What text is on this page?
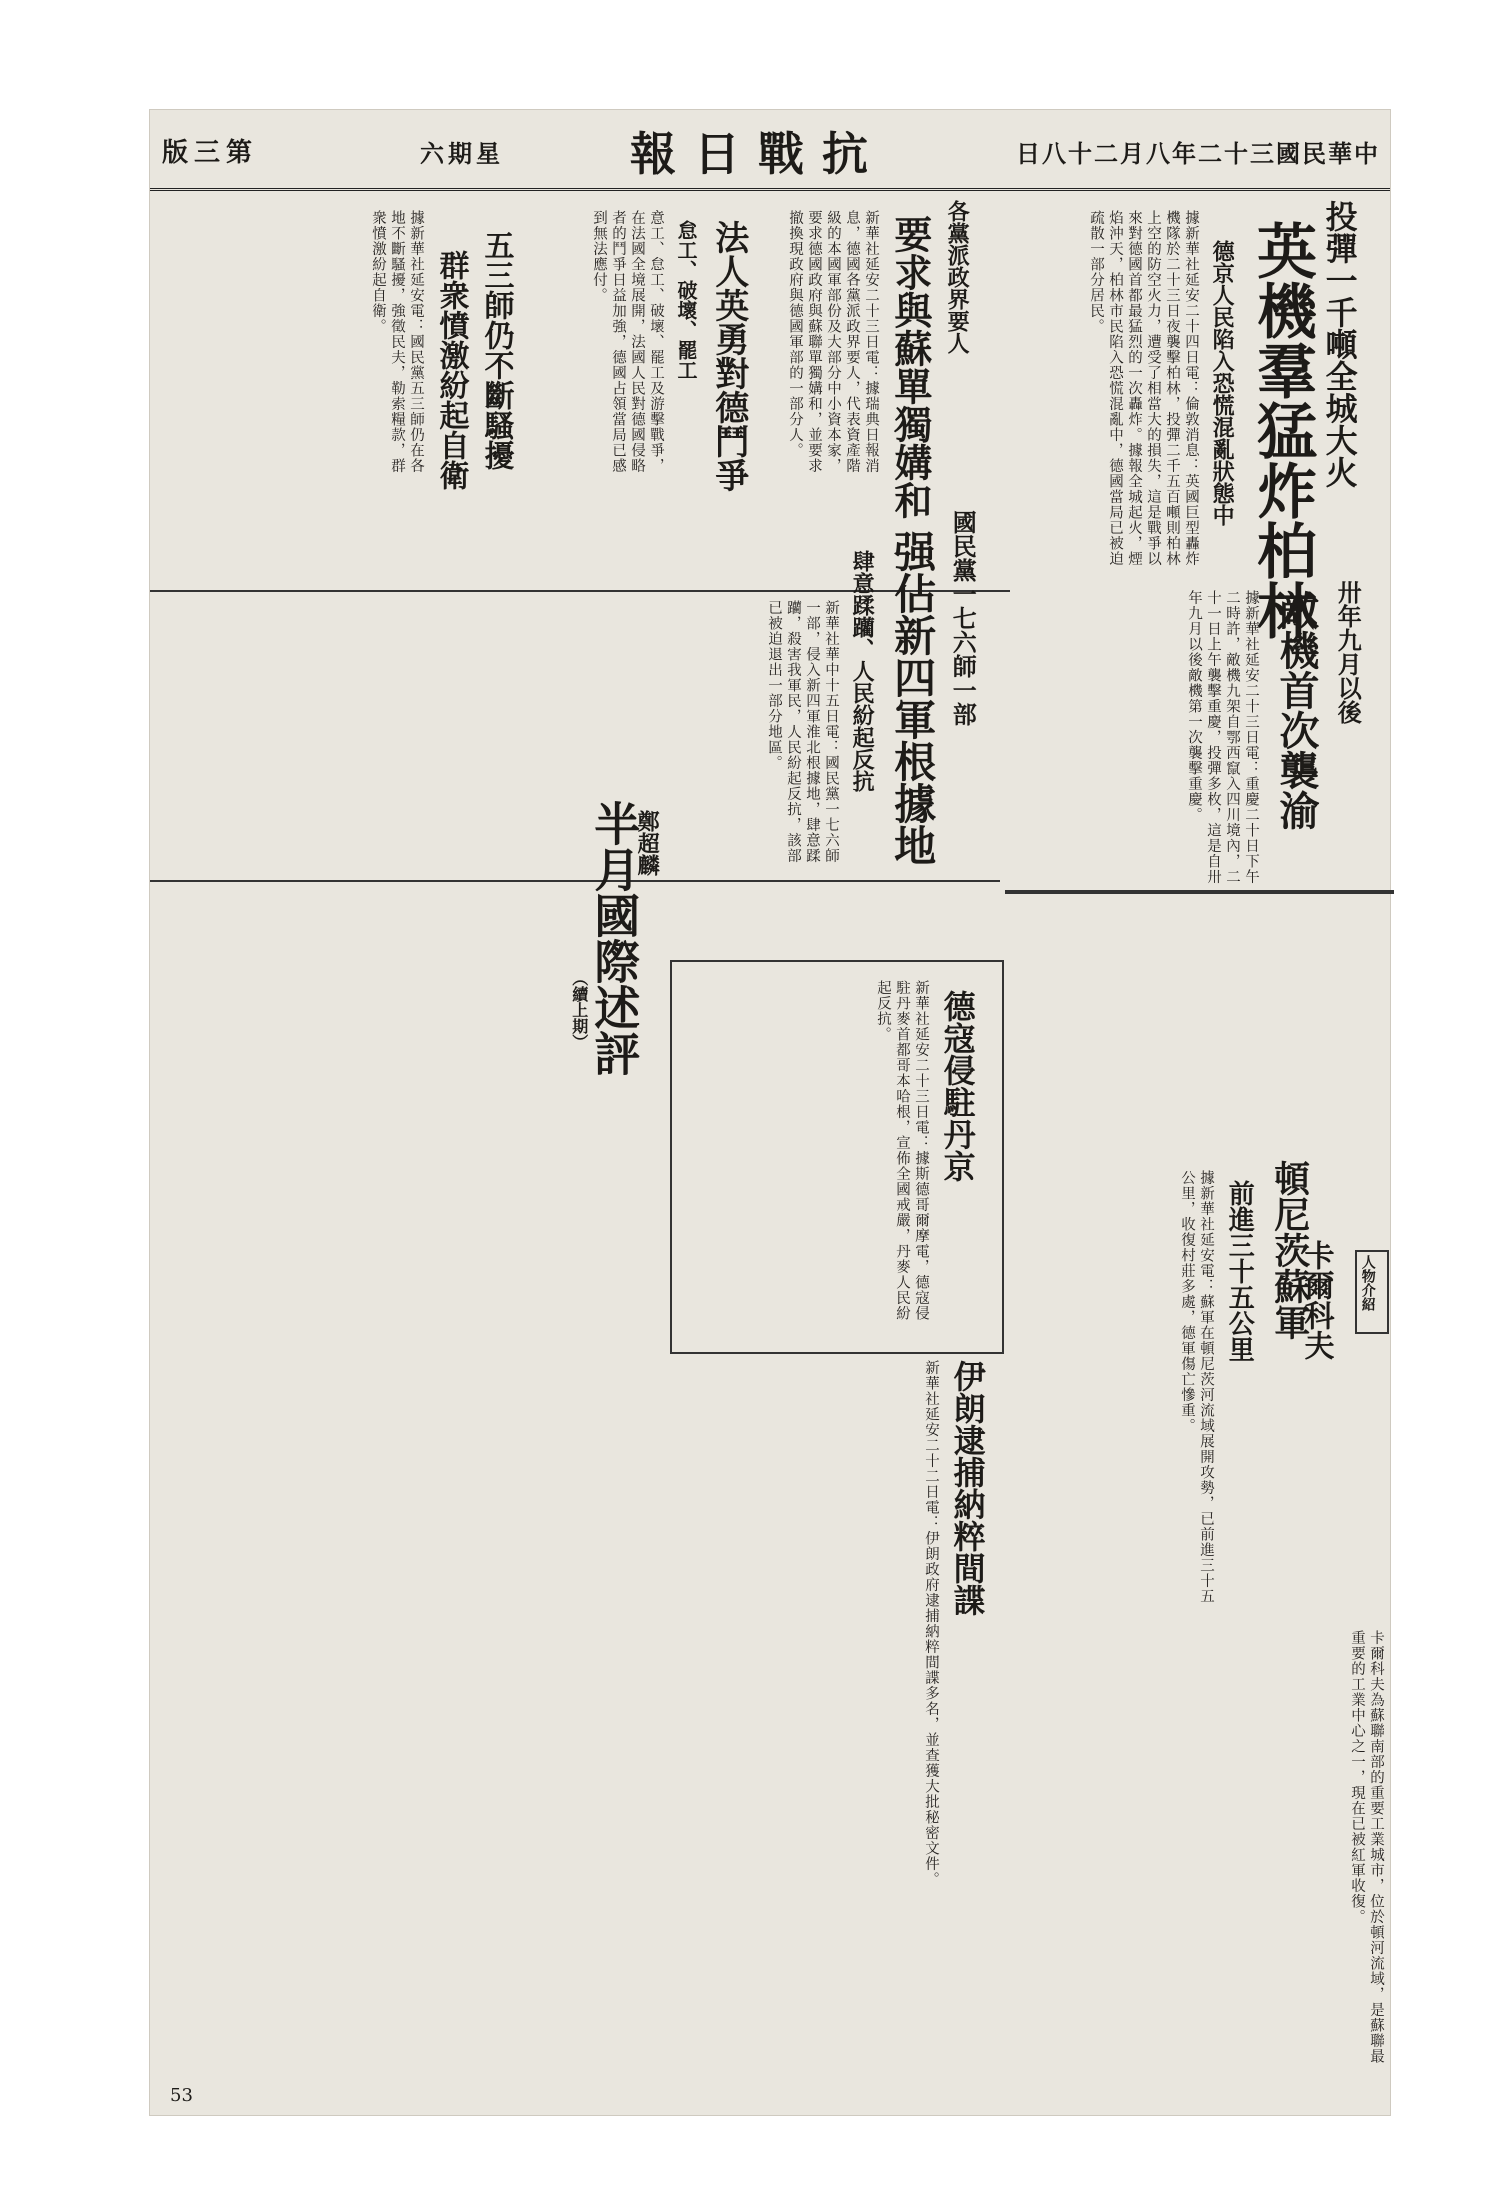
版三第	六期星	報日戰抗	日八十二月八年二十三國民華中
投彈一千噸全城大火
英機羣猛炸柏林
德京人民陷入恐慌混亂狀態中
據新華社延安二十四日電：倫敦消息：英國巨型轟炸機隊於二十三日夜襲擊柏林，投彈二千五百噸則柏林上空的防空火力，遭受了相當大的損失，這是戰爭以來對德國首都最猛烈的一次轟炸。據報全城起火，煙焰沖天，柏林市民陷入恐慌混亂中，德國當局已被迫疏散一部分居民。
各黨派政界要人
要求與蘇單獨媾和
新華社延安二十三日電：據瑞典日報消息，德國各黨派政界要人，代表資產階級的本國軍部份及大部分中小資本家，要求德國政府與蘇聯單獨媾和，並要求撤換現政府與德國軍部的一部分人。
法人英勇對德鬥爭
怠工、破壞、罷工
意工、怠工、破壞、罷工及游擊戰爭，在法國全境展開，法國人民對德國侵略者的鬥爭日益加強，德國占領當局已感到無法應付。
五三師仍不斷騷擾
群衆憤激紛起自衛
據新華社延安電：國民黨五三師仍在各地不斷騷擾，強徵民夫，勒索糧款，群衆憤激紛起自衛。
卅年九月以後
敵機首次襲渝
據新華社延安二十三日電：重慶二十日下午二時許，敵機九架自鄂西竄入四川境內，二十一日上午襲擊重慶，投彈多枚，這是自卅年九月以後敵機第一次襲擊重慶。
國民黨一七六師一部
强佔新四軍根據地
肆意蹂躪、人民紛起反抗
新華社華中十五日電：國民黨一七六師一部，侵入新四軍淮北根據地，肆意蹂躪，殺害我軍民，人民紛起反抗，該部已被迫退出一部分地區。
鄭超麟
半月國際述評
（續上期）	德寇侵駐丹京
新華社延安二十三日電：據斯德哥爾摩電，德寇侵駐丹麥首都哥本哈根，宣佈全國戒嚴，丹麥人民紛起反抗。
頓尼茨蘇軍
前進三十五公里
據新華社延安電：蘇軍在頓尼茨河流域展開攻勢，已前進三十五公里，收復村莊多處，德軍傷亡慘重。
伊朗逮捕納粹間諜
新華社延安二十二日電：伊朗政府逮捕納粹間諜多名，並查獲大批秘密文件。
人物介紹
卡爾科夫
卡爾科夫為蘇聯南部的重要工業城市，位於頓河流域，是蘇聯最重要的工業中心之一，現在已被紅軍收復。
53
